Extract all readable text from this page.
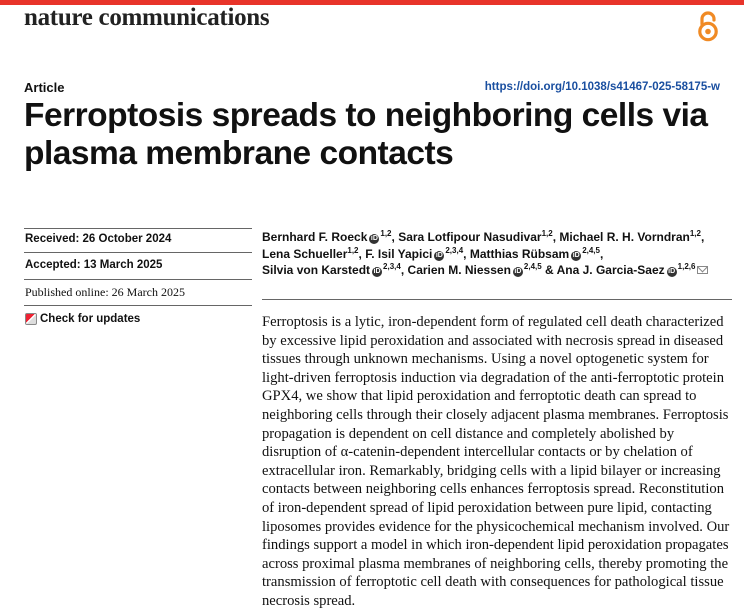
nature communications
Article	https://doi.org/10.1038/s41467-025-58175-w
Ferroptosis spreads to neighboring cells via plasma membrane contacts
Received: 26 October 2024
Accepted: 13 March 2025
Published online: 26 March 2025
Check for updates
Bernhard F. Roeck iD$^{1,2}$, Sara Lotfipour Nasudivar$^{1,2}$, Michael R. H. Vorndran$^{1,2}$, Lena Schueller$^{1,2}$, F. Isil Yapici iD$^{2,3,4}$, Matthias Rübsam iD$^{2,4,5}$, Silvia von Karstedt iD$^{2,3,4}$, Carien M. Niessen iD$^{2,4,5}$ & Ana J. Garcia-Saez iD$^{1,2,6}$

Ferroptosis is a lytic, iron-dependent form of regulated cell death characterized by excessive lipid peroxidation and associated with necrosis spread in diseased tissues through unknown mechanisms. Using a novel optogenetic system for light-driven ferroptosis induction via degradation of the anti-ferroptotic protein GPX4, we show that lipid peroxidation and ferroptotic death can spread to neighboring cells through their closely adjacent plasma membranes. Ferroptosis propagation is dependent on cell distance and completely abolished by disruption of α-catenin-dependent intercellular contacts or by chelation of extracellular iron. Remarkably, bridging cells with a lipid bilayer or increasing contacts between neighboring cells enhances ferroptosis spread. Reconstitution of iron-dependent spread of lipid peroxidation between pure lipid, contacting liposomes provides evidence for the physicochemical mechanism involved. Our findings support a model in which iron-dependent lipid peroxidation propagates across proximal plasma membranes of neighboring cells, thereby promoting the transmission of ferroptotic cell death with consequences for pathological tissue necrosis spread.
